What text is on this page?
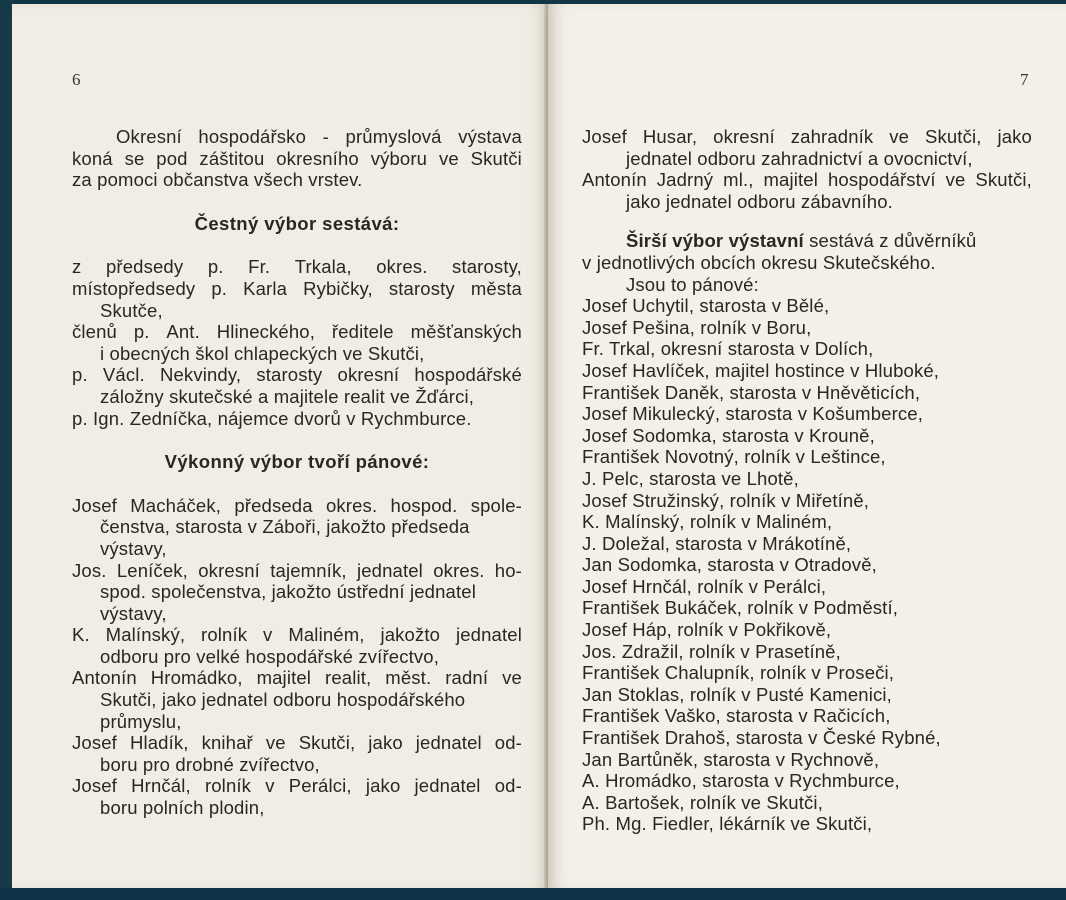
6
Okresní hospodářsko - průmyslová výstava
koná se pod záštitou okresního výboru ve Skutči
za pomoci občanstva všech vrstev.
Čestný výbor sestává:
z předsedy p. Fr. Trkala, okres. starosty,
místopředsedy p. Karla Rybičky, starosty města
Skutče,
členů p. Ant. Hlineckého, ředitele měšťanských
i obecných škol chlapeckých ve Skutči,
p. Václ. Nekvindy, starosty okresní hospodářské
záložny skutečské a majitele realit ve Žďárci,
p. Ign. Zedníčka, nájemce dvorů v Rychmburce.
Výkonný výbor tvoří pánové:
Josef Macháček, předseda okres. hospod. spole-
čenstva, starosta v Záboři, jakožto předseda
výstavy,
Jos. Leníček, okresní tajemník, jednatel okres. ho-
spod. společenstva, jakožto ústřední jednatel
výstavy,
K. Malínský, rolník v Maliném, jakožto jednatel
odboru pro velké hospodářské zvířectvo,
Antonín Hromádko, majitel realit, měst. radní ve
Skutči, jako jednatel odboru hospodářského
průmyslu,
Josef Hladík, knihař ve Skutči, jako jednatel od-
boru pro drobné zvířectvo,
Josef Hrnčál, rolník v Perálci, jako jednatel od-
boru polních plodin,
7
Josef Husar, okresní zahradník ve Skutči, jako
jednatel odboru zahradnictví a ovocnictví,
Antonín Jadrný ml., majitel hospodářství ve Skutči,
jako jednatel odboru zábavního.
Širší výbor výstavní sestává z důvěrníků
v jednotlivých obcích okresu Skutečského.
Jsou to pánové:
Josef Uchytil, starosta v Bělé,
Josef Pešina, rolník v Boru,
Fr. Trkal, okresní starosta v Dolích,
Josef Havlíček, majitel hostince v Hluboké,
František Daněk, starosta v Hněvěticích,
Josef Mikulecký, starosta v Košumberce,
Josef Sodomka, starosta v Krouně,
František Novotný, rolník v Leštince,
J. Pelc, starosta ve Lhotě,
Josef Stružinský, rolník v Miřetíně,
K. Malínský, rolník v Maliném,
J. Doležal, starosta v Mrákotíně,
Jan Sodomka, starosta v Otradově,
Josef Hrnčál, rolník v Perálci,
František Bukáček, rolník v Podměstí,
Josef Háp, rolník v Pokřikově,
Jos. Zdražil, rolník v Prasetíně,
František Chalupník, rolník v Proseči,
Jan Stoklas, rolník v Pusté Kamenici,
František Vaško, starosta v Račicích,
František Drahoš, starosta v České Rybné,
Jan Bartůněk, starosta v Rychnově,
A. Hromádko, starosta v Rychmburce,
A. Bartošek, rolník ve Skutči,
Ph. Mg. Fiedler, lékárník ve Skutči,
